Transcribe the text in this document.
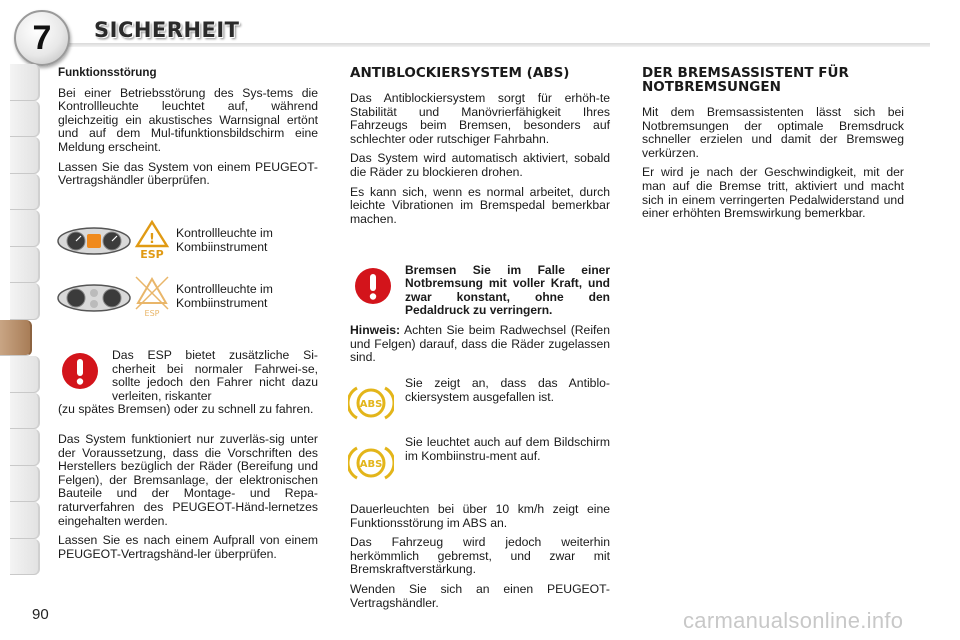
7	SICHERHEIT
Funktionsstörung

Bei einer Betriebsstörung des Sys-tems die Kontrollleuchte leuchtet auf, während gleichzeitig ein akustisches Warnsignal ertönt und auf dem Mul-tifunktionsbildschirm eine Meldung erscheint.

Lassen Sie das System von einem PEUGEOT-Vertragshändler überprüfen.

!
ESP
Kontrollleuchte im Kombiinstrument
ESP
Kontrollleuchte im Kombiinstrument
Das ESP bietet zusätzliche Si-cherheit bei normaler Fahrwei-se, sollte jedoch den Fahrer nicht dazu verleiten, riskanter
(zu spätes Bremsen) oder zu schnell zu fahren.

Das System funktioniert nur zuverläs-sig unter der Voraussetzung, dass die Vorschriften des Herstellers bezüglich der Räder (Bereifung und Felgen), der Bremsanlage, der elektronischen Bauteile und der Montage- und Repa-raturverfahren des PEUGEOT-Händ-lernetzes eingehalten werden.

Lassen Sie es nach einem Aufprall von einem PEUGEOT-Vertragshänd-ler überprüfen.

ANTIBLOCKIERSYSTEM (ABS)

Das Antiblockiersystem sorgt für erhöh-te Stabilität und Manövrierfähigkeit Ihres Fahrzeugs beim Bremsen, besonders auf schlechter oder rutschiger Fahrbahn.

Das System wird automatisch aktiviert, sobald die Räder zu blockieren drohen.

Es kann sich, wenn es normal arbeitet, durch leichte Vibrationen im Bremspedal bemerkbar machen.

Bremsen Sie im Falle einer Notbremsung mit voller Kraft, und zwar konstant, ohne den Pedaldruck zu verringern.
Hinweis: Achten Sie beim Radwechsel (Reifen und Felgen) darauf, dass die Räder zugelassen sind.
ABS
Sie zeigt an, dass das Antiblo-ckiersystem ausgefallen ist.
ABS
Sie leuchtet auch auf dem Bildschirm im Kombiinstru-ment auf.

Dauerleuchten bei über 10 km/h zeigt eine Funktionsstörung im ABS an.

Das Fahrzeug wird jedoch weiterhin herkömmlich gebremst, und zwar mit Bremskraftverstärkung.

Wenden Sie sich an einen PEUGEOT-Vertragshändler.

DER BREMSASSISTENT FÜR
NOTBREMSUNGEN

Mit dem Bremsassistenten lässt sich bei Notbremsungen der optimale Bremsdruck schneller erzielen und damit der Bremsweg verkürzen.

Er wird je nach der Geschwindigkeit, mit der man auf die Bremse tritt, aktiviert und macht sich in einem verringerten Pedalwiderstand und einer erhöhten Bremswirkung bemerkbar.

90	carmanualsonline.info
